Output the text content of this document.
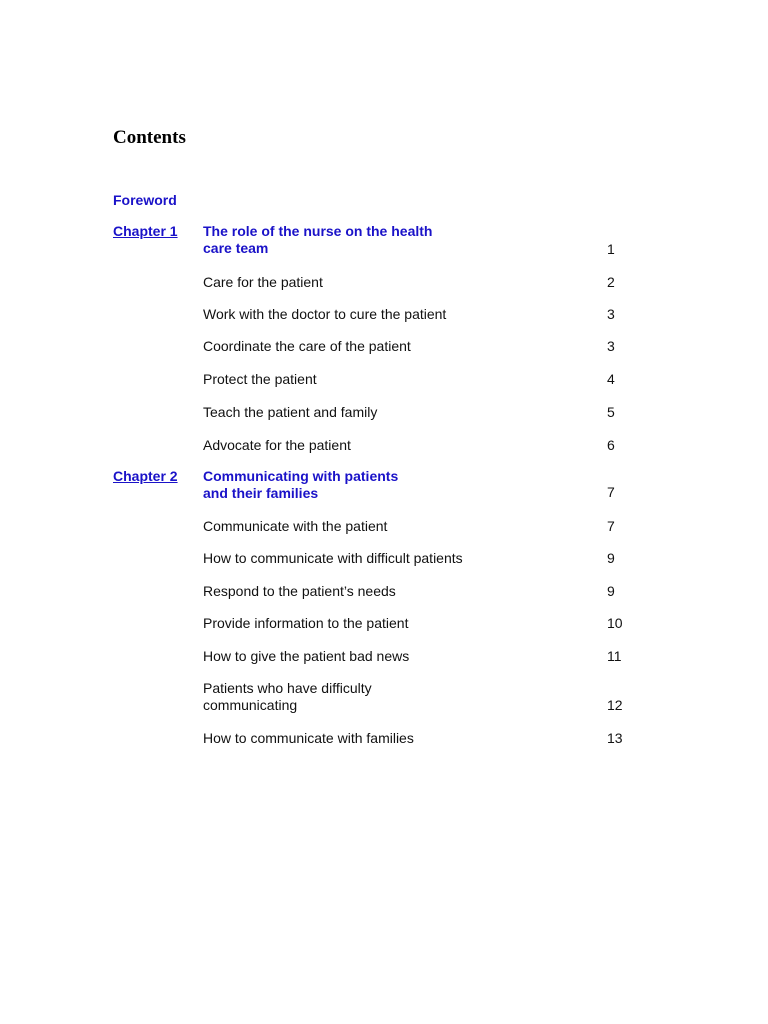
Contents
Foreword
Chapter 1 The role of the nurse on the health
care team	1
Care for the patient	2
Work with the doctor to cure the patient	3
Coordinate the care of the patient	3
Protect the patient	4
Teach the patient and family	5
Advocate for the patient	6
Chapter 2 Communicating with patients
and their families	7
Communicate with the patient	7
How to communicate with difficult patients	9
Respond to the patient’s needs	9
Provide information to the patient	10
How to give the patient bad news	11
Patients who have difficulty
communicating	12
How to communicate with families	13
